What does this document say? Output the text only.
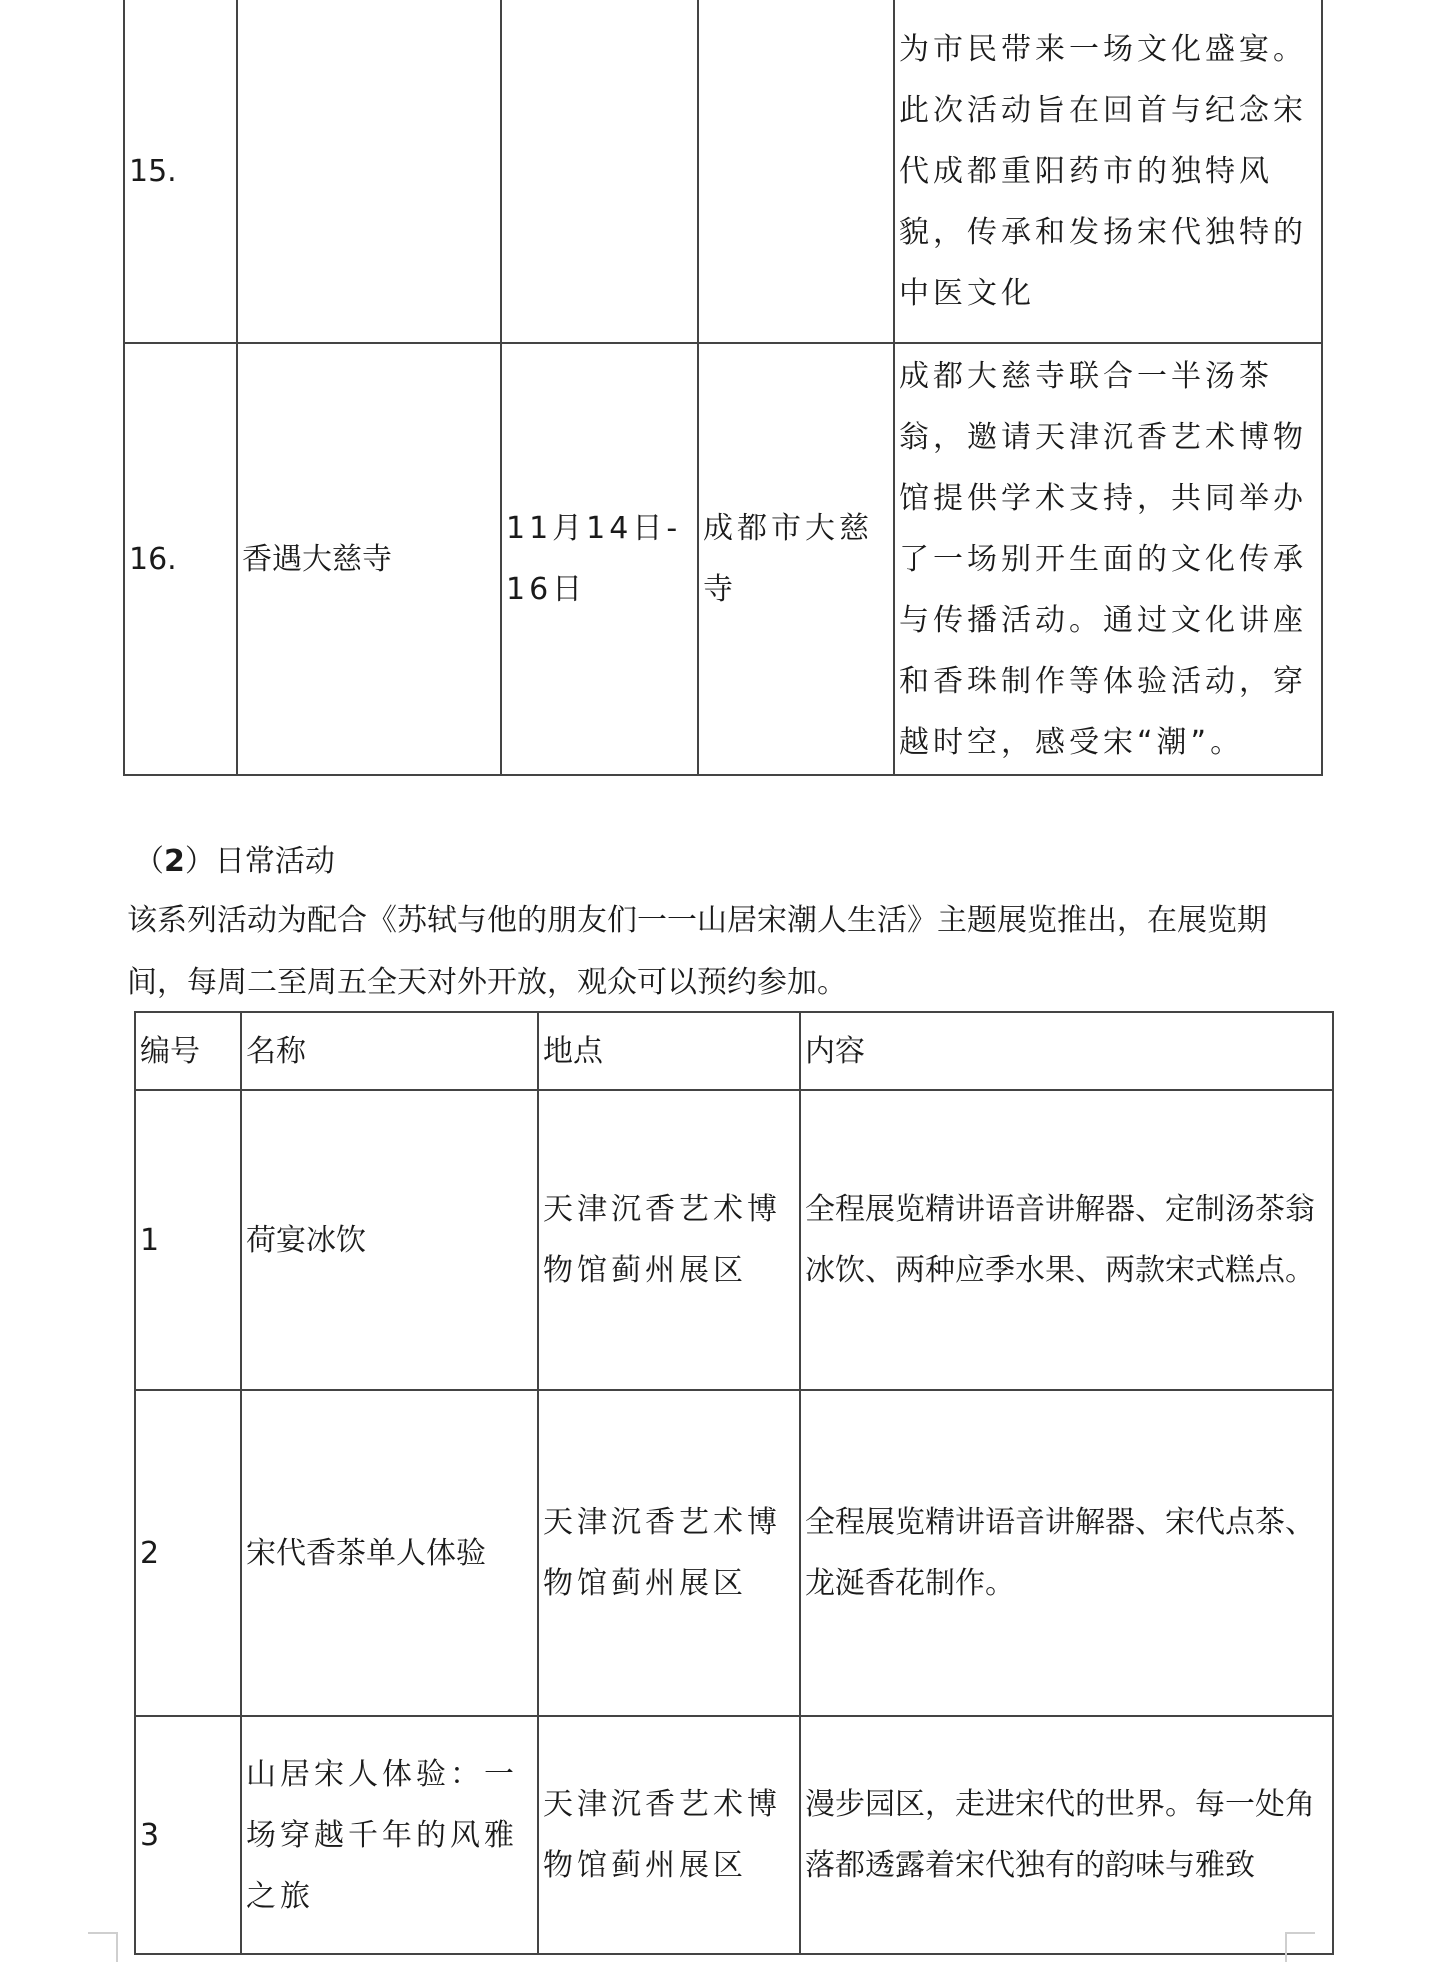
15.				为市民带来一场文化盛宴。此次活动旨在回首与纪念宋代成都重阳药市的独特风貌，传承和发扬宋代独特的中医文化
16.	香遇大慈寺	11月14日-16日	成都市大慈寺	成都大慈寺联合一半汤茶翁，邀请天津沉香艺术博物馆提供学术支持，共同举办了一场别开生面的文化传承与传播活动。通过文化讲座和香珠制作等体验活动，穿越时空，感受宋“潮”。

（2）日常活动

该系列活动为配合《苏轼与他的朋友们一一山居宋潮人生活》主题展览推出，在展览期间，每周二至周五全天对外开放，观众可以预约参加。

编号	名称	地点	内容
1	荷宴冰饮	天津沉香艺术博物馆蓟州展区	全程展览精讲语音讲解器、定制汤茶翁冰饮、两种应季水果、两款宋式糕点。
2	宋代香茶单人体验	天津沉香艺术博物馆蓟州展区	全程展览精讲语音讲解器、宋代点茶、龙涎香花制作。
3	山居宋人体验：一场穿越千年的风雅之旅	天津沉香艺术博物馆蓟州展区	漫步园区，走进宋代的世界。每一处角落都透露着宋代独有的韵味与雅致
